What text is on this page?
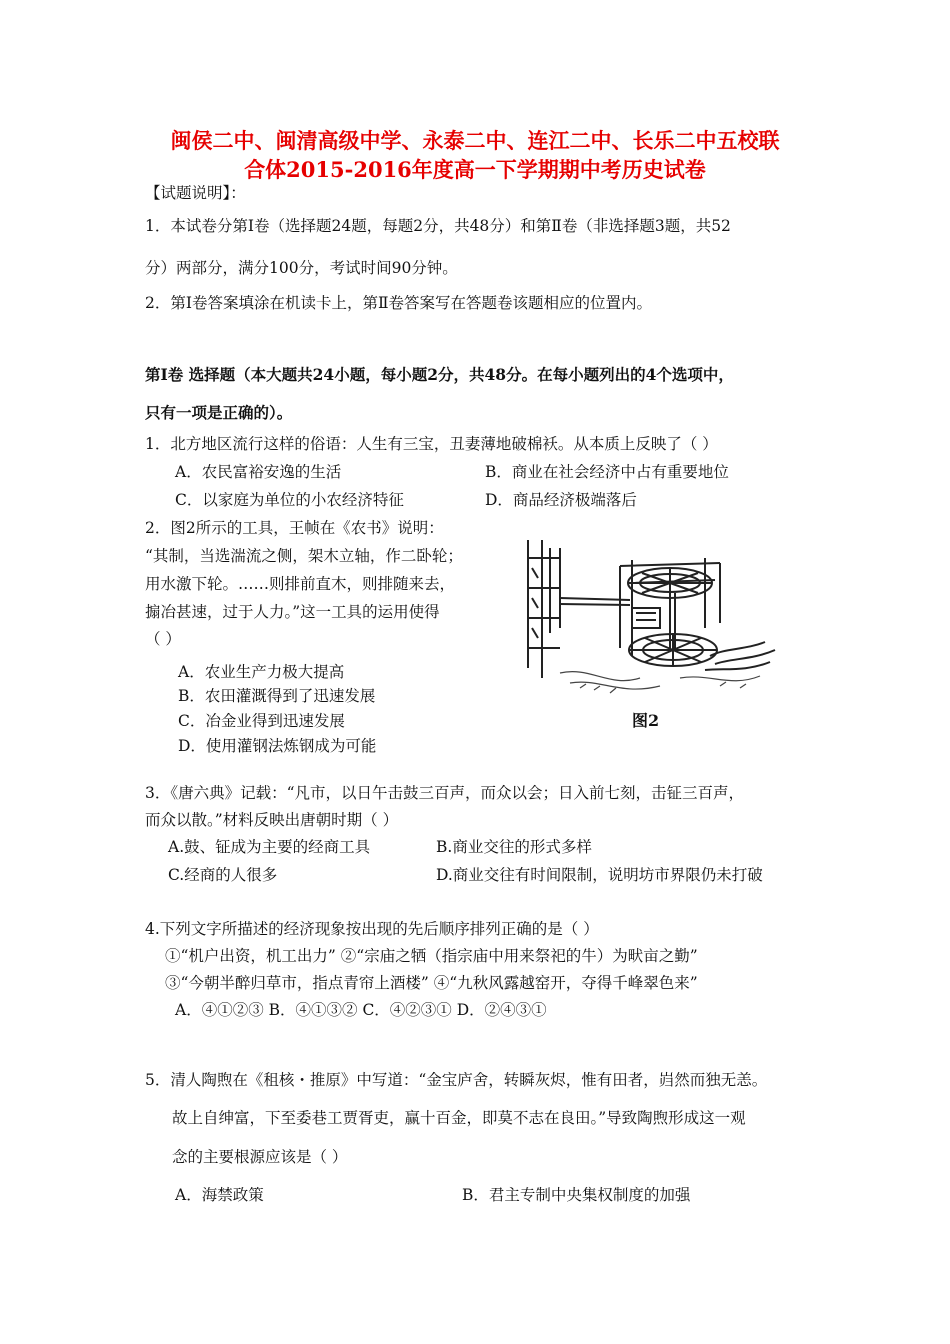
闽侯二中、闽清高级中学、永泰二中、连江二中、长乐二中五校联
合体2015-2016年度高一下学期期中考历史试卷
【试题说明】：
1．本试卷分第Ⅰ卷（选择题24题，每题2分，共48分）和第Ⅱ卷（非选择题3题，共52
分）两部分，满分100分，考试时间90分钟。
2．第Ⅰ卷答案填涂在机读卡上，第Ⅱ卷答案写在答题卷该题相应的位置内。
第Ⅰ卷 选择题（本大题共24小题，每小题2分，共48分。在每小题列出的4个选项中，
只有一项是正确的）。
1．北方地区流行这样的俗语：人生有三宝，丑妻薄地破棉袄。从本质上反映了（ ）
A．农民富裕安逸的生活	B．商业在社会经济中占有重要地位
C．以家庭为单位的小农经济特征	D．商品经济极端落后
2．图2所示的工具，王帧在《农书》说明：
“其制，当选湍流之侧，架木立轴，作二卧轮；
用水激下轮。……则排前直木，则排随来去，
搧冶甚速，过于人力。”这一工具的运用使得
（ ）
A．农业生产力极大提高
B．农田灌溉得到了迅速发展
C．冶金业得到迅速发展
D．使用灌钢法炼钢成为可能
图2
3．《唐六典》记载：“凡市，以日午击鼓三百声，而众以会；日入前七刻，击钲三百声，
而众以散。”材料反映出唐朝时期（ ）
A.鼓、钲成为主要的经商工具	B.商业交往的形式多样
C.经商的人很多	D.商业交往有时间限制，说明坊市界限仍未打破
4.下列文字所描述的经济现象按出现的先后顺序排列正确的是（ ）
①“机户出资，机工出力” ②“宗庙之牺（指宗庙中用来祭祀的牛）为畎亩之勤”
③“今朝半醉归草市，指点青帘上酒楼” ④“九秋风露越窑开，夺得千峰翠色来”
A．④①②③ B．④①③② C．④②③① D．②④③①
5．清人陶煦在《租核・推原》中写道：“金宝庐舍，转瞬灰烬，惟有田者，岿然而独无恙。
故上自绅富，下至委巷工贾胥吏，赢十百金，即莫不志在良田。”导致陶煦形成这一观
念的主要根源应该是（ ）
A．海禁政策	B．君主专制中央集权制度的加强
